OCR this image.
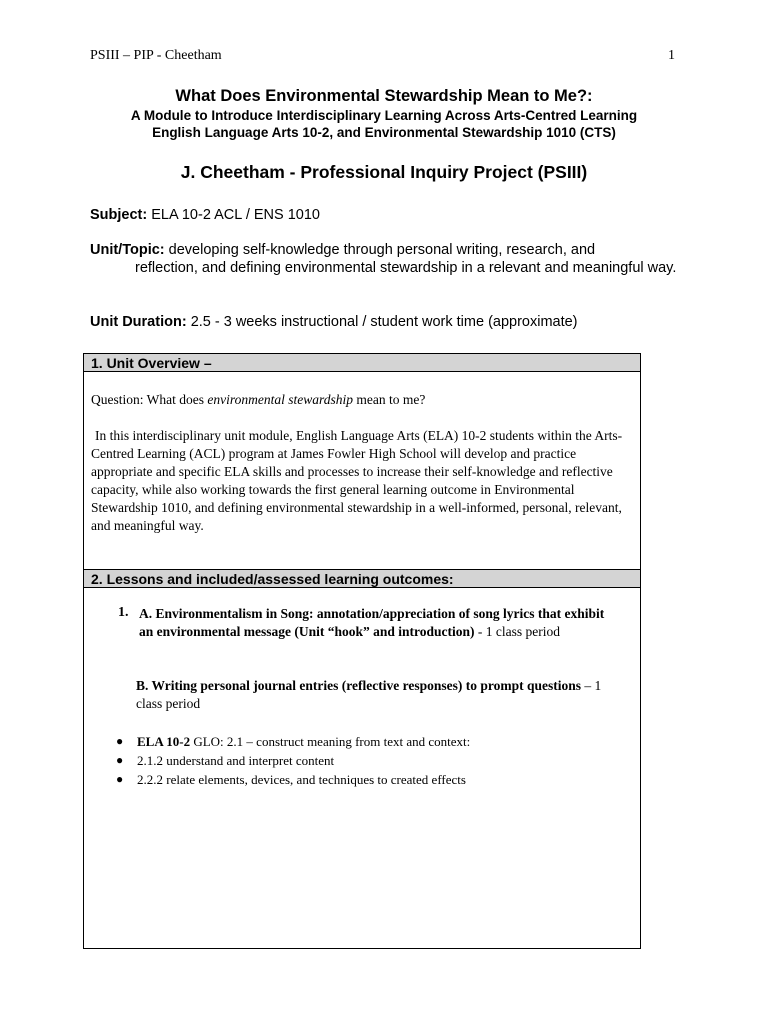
PSIII – PIP - Cheetham	1
What Does Environmental Stewardship Mean to Me?:
A Module to Introduce Interdisciplinary Learning Across Arts-Centred Learning
English Language Arts 10-2, and Environmental Stewardship 1010 (CTS)
J. Cheetham - Professional Inquiry Project (PSIII)
Subject: ELA 10-2 ACL / ENS 1010
Unit/Topic: developing self-knowledge through personal writing, research, and
reflection, and defining environmental stewardship in a relevant and meaningful way.
Unit Duration: 2.5 - 3 weeks instructional / student work time (approximate)
1. Unit Overview –
Question: What does environmental stewardship mean to me?
In this interdisciplinary unit module, English Language Arts (ELA) 10-2 students within the Arts-Centred Learning (ACL) program at James Fowler High School will develop and practice appropriate and specific ELA skills and processes to increase their self-knowledge and reflective capacity, while also working towards the first general learning outcome in Environmental Stewardship 1010, and defining environmental stewardship in a well-informed, personal, relevant, and meaningful way.
2. Lessons and included/assessed learning outcomes:
1. A. Environmentalism in Song: annotation/appreciation of song lyrics that exhibit an environmental message (Unit “hook” and introduction) - 1 class period
B. Writing personal journal entries (reflective responses) to prompt questions – 1 class period
●	ELA 10-2 GLO: 2.1 – construct meaning from text and context:
●	2.1.2 understand and interpret content
●	2.2.2 relate elements, devices, and techniques to created effects
